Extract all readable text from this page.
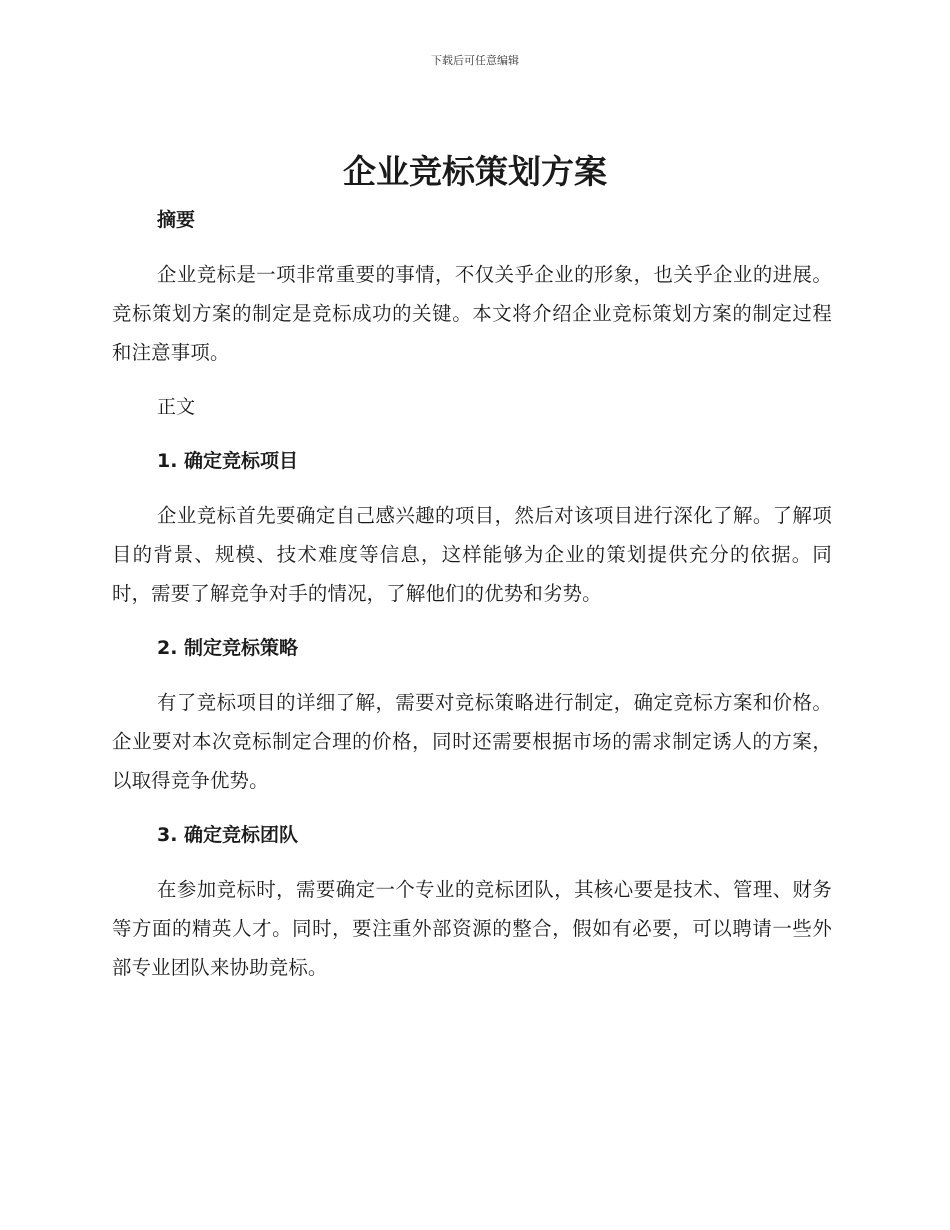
下载后可任意编辑
企业竞标策划方案
摘要

企业竞标是一项非常重要的事情，不仅关乎企业的形象，也关乎企业的进展。竞标策划方案的制定是竞标成功的关键。本文将介绍企业竞标策划方案的制定过程和注意事项。

正文
1. 确定竞标项目

企业竞标首先要确定自己感兴趣的项目，然后对该项目进行深化了解。了解项目的背景、规模、技术难度等信息，这样能够为企业的策划提供充分的依据。同时，需要了解竞争对手的情况，了解他们的优势和劣势。

2. 制定竞标策略

有了竞标项目的详细了解，需要对竞标策略进行制定，确定竞标方案和价格。企业要对本次竞标制定合理的价格，同时还需要根据市场的需求制定诱人的方案，以取得竞争优势。

3. 确定竞标团队

在参加竞标时，需要确定一个专业的竞标团队，其核心要是技术、管理、财务等方面的精英人才。同时，要注重外部资源的整合，假如有必要，可以聘请一些外部专业团队来协助竞标。
